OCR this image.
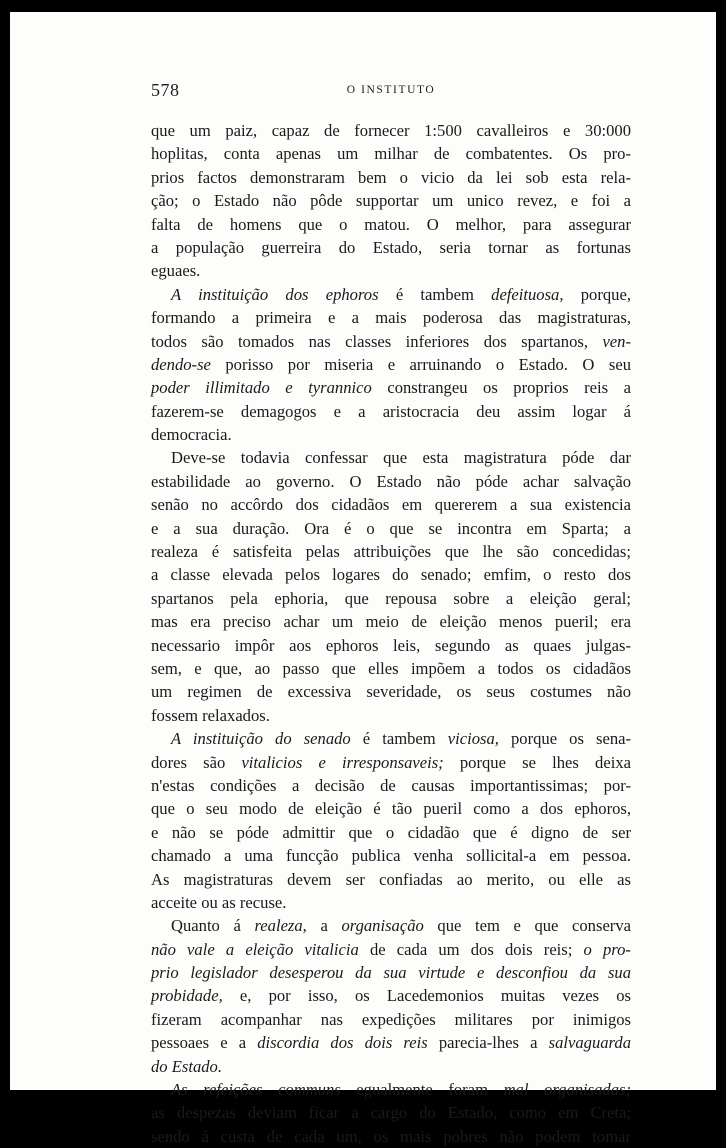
578	O INSTITUTO
que um paiz, capaz de fornecer 1:500 cavalleiros e 30:000
hoplitas, conta apenas um milhar de combatentes. Os pro-
prios factos demonstraram bem o vicio da lei sob esta rela-
ção; o Estado não pôde supportar um unico revez, e foi a
falta de homens que o matou. O melhor, para assegurar
a população guerreira do Estado, seria tornar as fortunas
eguaes.
A instituição dos ephoros é tambem defeituosa, porque,
formando a primeira e a mais poderosa das magistraturas,
todos são tomados nas classes inferiores dos spartanos, ven-
dendo-se porisso por miseria e arruinando o Estado. O seu
poder illimitado e tyrannico constrangeu os proprios reis a
fazerem-se demagogos e a aristocracia deu assim logar á
democracia.
Deve-se todavia confessar que esta magistratura póde dar
estabilidade ao governo. O Estado não póde achar salvação
senão no accôrdo dos cidadãos em quererem a sua existencia
e a sua duração. Ora é o que se incontra em Sparta; a
realeza é satisfeita pelas attribuições que lhe são concedidas;
a classe elevada pelos logares do senado; emfim, o resto dos
spartanos pela ephoria, que repousa sobre a eleição geral;
mas era preciso achar um meio de eleição menos pueril; era
necessario impôr aos ephoros leis, segundo as quaes julgas-
sem, e que, ao passo que elles impõem a todos os cidadãos
um regimen de excessiva severidade, os seus costumes não
fossem relaxados.
A instituição do senado é tambem viciosa, porque os sena-
dores são vitalicios e irresponsaveis; porque se lhes deixa
n'estas condições a decisão de causas importantissimas; por-
que o seu modo de eleição é tão pueril como a dos ephoros,
e não se póde admittir que o cidadão que é digno de ser
chamado a uma funcção publica venha sollicital-a em pessoa.
As magistraturas devem ser confiadas ao merito, ou elle as
acceite ou as recuse.
Quanto á realeza, a organisação que tem e que conserva
não vale a eleição vitalicia de cada um dos dois reis; o pro-
prio legislador desesperou da sua virtude e desconfiou da sua
probidade, e, por isso, os Lacedemonios muitas vezes os
fizeram acompanhar nas expedições militares por inimigos
pessoaes e a discordia dos dois reis parecia-lhes a salvaguarda
do Estado.
As refeições communs egualmente foram mal organisadas;
as despezas deviam ficar a cargo do Estado, como em Creta;
sendo á custa de cada um, os mais pobres não podem tomar
